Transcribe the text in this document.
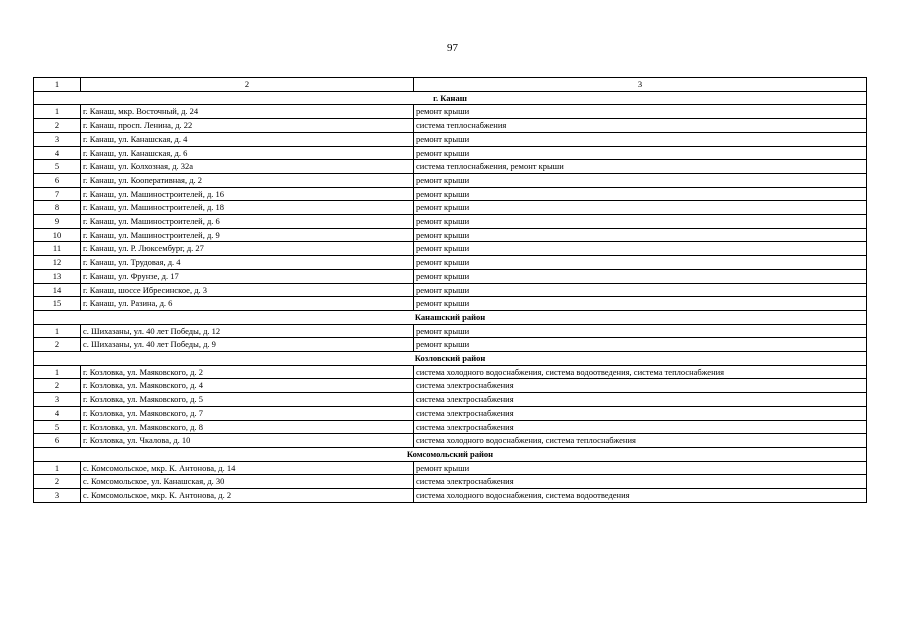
97
1	2	3
г. Канаш		
1	г. Канаш, мкр. Восточный, д. 24	ремонт крыши
2	г. Канаш, просп. Ленина, д. 22	система теплоснабжения
3	г. Канаш, ул. Канашская, д. 4	ремонт крыши
4	г. Канаш, ул. Канашская, д. 6	ремонт крыши
5	г. Канаш, ул. Колхозная, д. 32а	система теплоснабжения, ремонт крыши
6	г. Канаш, ул. Кооперативная, д. 2	ремонт крыши
7	г. Канаш, ул. Машиностроителей, д. 16	ремонт крыши
8	г. Канаш, ул. Машиностроителей, д. 18	ремонт крыши
9	г. Канаш, ул. Машиностроителей, д. 6	ремонт крыши
10	г. Канаш, ул. Машиностроителей, д. 9	ремонт крыши
11	г. Канаш, ул. Р. Люксембург, д. 27	ремонт крыши
12	г. Канаш, ул. Трудовая, д. 4	ремонт крыши
13	г. Канаш, ул. Фрунзе, д. 17	ремонт крыши
14	г. Канаш, шоссе Ибресинское, д. 3	ремонт крыши
15	г. Канаш, ул. Разина, д. 6	ремонт крыши
Канашский район		
1	с. Шихазаны, ул. 40 лет Победы, д. 12	ремонт крыши
2	с. Шихазаны, ул. 40 лет Победы, д. 9	ремонт крыши
Козловский район		
1	г. Козловка, ул. Маяковского, д. 2	система холодного водоснабжения, система водоотведения, система теплоснабжения
2	г. Козловка, ул. Маяковского, д. 4	система электроснабжения
3	г. Козловка, ул. Маяковского, д. 5	система электроснабжения
4	г. Козловка, ул. Маяковского, д. 7	система электроснабжения
5	г. Козловка, ул. Маяковского, д. 8	система электроснабжения
6	г. Козловка, ул. Чкалова, д. 10	система холодного водоснабжения, система теплоснабжения
Комсомольский район		
1	с. Комсомольское, мкр. К. Антонова, д. 14	ремонт крыши
2	с. Комсомольское, ул. Канашская, д. 30	система электроснабжения
3	с. Комсомольское, мкр. К. Антонова, д. 2	система холодного водоснабжения, система водоотведения
